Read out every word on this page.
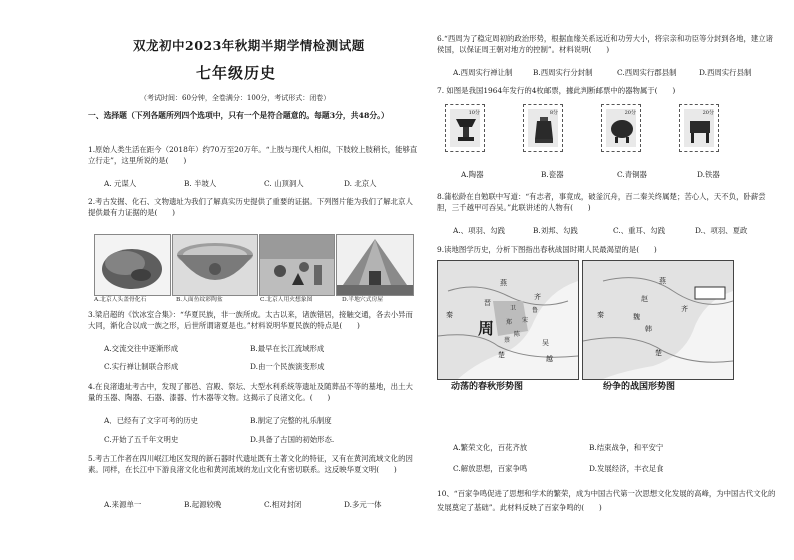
双龙初中2023年秋期半期学情检测试题
七年级历史
（考试时间：60分钟，全卷满分：100分，考试形式：闭卷）
一、选择题（下列各题所列四个选项中，只有一个是符合题意的。每题3分，共48分。）
1.原始人类生活在距今（2018年）约70万至20万年。“上肢与现代人相似，下肢较上肢稍长，能够直立行走”，这里所说的是(　　)
A. 元谋人	B. 半坡人	C. 山顶洞人	D. 北京人
2.考古发掘、化石、文物遗址为我们了解真实历史提供了重要的证据。下列图片能为我们了解北京人提供最有力证据的是(　　)
A.北京人头盖骨化石	B.人面鱼纹彩陶盆	C.北京人用火想象图	D.半地穴式房屋
3.梁启超的《饮冰室合集》：“华夏民族，非一族所成。太古以来，诸族错居，接触交通，各去小异而大同，渐化合以成一族之形，后世所谓诸夏是也。”材料说明华夏民族的特点是(　　)
A.交流交往中逐渐形成	B.最早在长江流域形成
C.实行禅让制联合形成	D.由一个民族演变形成
4.在良渚遗址考古中，发现了都邑、宫殿、祭坛、大型水利系统等遗址及随葬品不等的墓地，出土大量的玉器、陶器、石器、漆器、竹木器等文物。这揭示了良渚文化。(　　)
A．已经有了文字可考的历史	B.制定了完整的礼乐制度
C.开始了五千年文明史	D.具备了古国的初始形态.
5.考古工作者在四川岷江地区发现的新石器时代遗址既有土著文化的特征，又有在黄河流域文化的因素。同样，在长江中下游良渚文化也和黄河流域的龙山文化有密切联系。这反映华夏文明(　　)
A.来源单一	B.起源较晚	C.相对封闭	D.多元一体
6.“西周为了稳定周初的政治形势，根据血缘关系远近和功劳大小，将宗亲和功臣等分封到各地，建立诸侯国，以保证周王朝对地方的控制”。材料说明(　　)
A.西周实行禅让制	B.西周实行分封制	C.西周实行郡县制	D.西周实行县制
7. 如图是我国1964年发行的4枚邮票，據此判断邮票中的器物属于(　　)
10分	8分	20分	20分
A.陶器	B.瓷器	C.青铜器	D.铁器
8.蒲松龄在自勉联中写道：“有志者，事竟成，破釜沉舟，百二秦关终属楚；苦心人，天不负，卧薪尝胆，三千越甲可吞吴。”此联讲述的人物有(　　)
A.、项羽、勾践	B.刘邦、勾践	C.、重耳、勾践	D.、项羽、夏政
9.读地图学历史，分析下图指出春秋战国时期人民最渴望的是(　　)
燕
晋
齐
鲁
宋
秦
周
卫
郑
陈
蔡
楚
吴
越
燕
赵
魏
齐
韩
秦
楚
动荡的春秋形势图	纷争的战国形势图
A.繁荣文化，百花齐放	B.结束战争，和平安宁
C.解放思想，百家争鸣	D.发展经济，丰衣足食
10、“百家争鸣促进了思想和学术的繁荣，成为中国古代第一次思想文化发展的高峰，为中国古代文化的发展奠定了基础”。此材料反映了百家争鸣的(　　)
